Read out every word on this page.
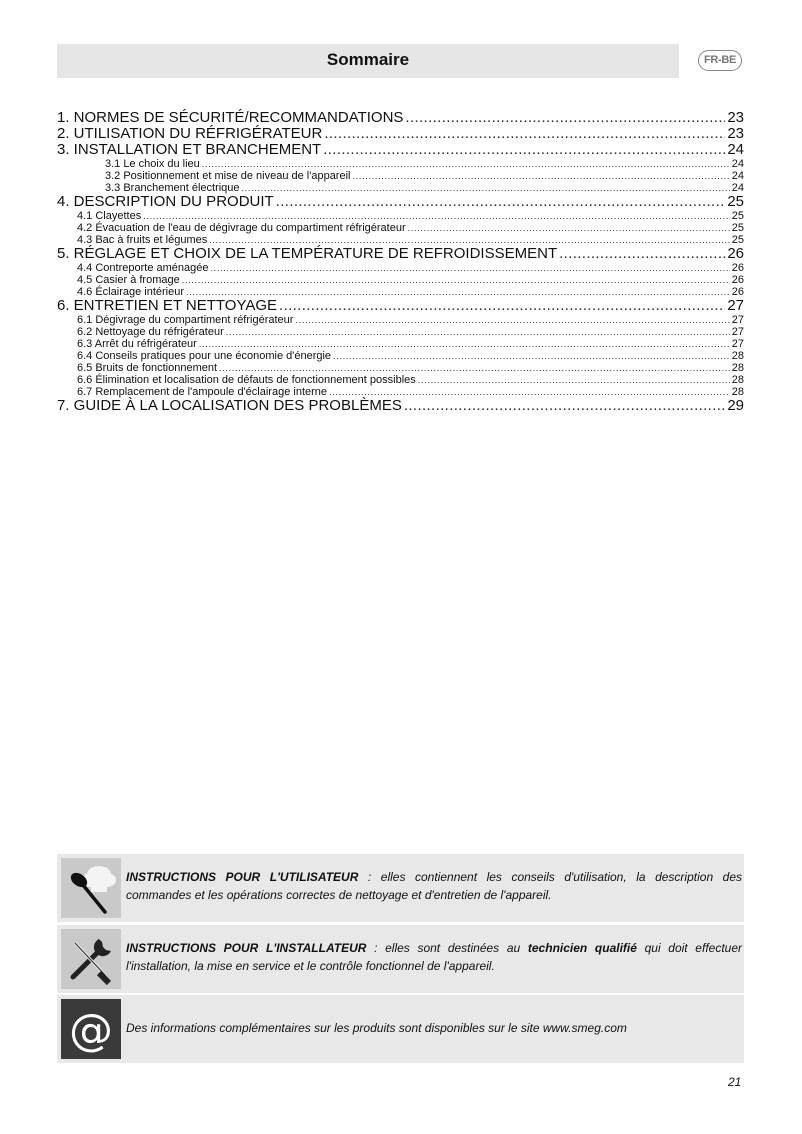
Sommaire	FR-BE
1. NORMES DE SÉCURITÉ/RECOMMANDATIONS . . .	23
2. UTILISATION DU RÉFRIGÉRATEUR . . .	23
3. INSTALLATION ET BRANCHEMENT . . .	24
3.1 Le choix du lieu . . .	24
3.2 Positionnement et mise de niveau de l'appareil . . .	24
3.3 Branchement électrique . . .	24
4. DESCRIPTION DU PRODUIT . . .	25
4.1 Clayettes . . .	25
4.2 Évacuation de l'eau de dégivrage du compartiment réfrigérateur . . .	25
4.3 Bac à fruits et légumes . . .	25
5. RÉGLAGE ET CHOIX DE LA TEMPÉRATURE DE REFROIDISSEMENT . . .	26
4.4 Contreporte aménagée . . .	26
4.5 Casier à fromage . . .	26
4.6 Éclairage intérieur . . .	26
6. ENTRETIEN ET NETTOYAGE . . .	27
6.1 Dégivrage du compartiment réfrigérateur . . .	27
6.2 Nettoyage du réfrigérateur . . .	27
6.3 Arrêt du réfrigérateur . . .	27
6.4 Conseils pratiques pour une économie d'énergie . . .	28
6.5 Bruits de fonctionnement . . .	28
6.6 Élimination et localisation de défauts de fonctionnement possibles . . .	28
6.7 Remplacement de l'ampoule d'éclairage interne . . .	28
7. GUIDE À LA LOCALISATION DES PROBLÈMES . . .	29
INSTRUCTIONS POUR L'UTILISATEUR : elles contiennent les conseils d'utilisation, la description des commandes et les opérations correctes de nettoyage et d'entretien de l'appareil.
INSTRUCTIONS POUR L'INSTALLATEUR : elles sont destinées au technicien qualifié qui doit effectuer l'installation, la mise en service et le contrôle fonctionnel de l'appareil.
@ Des informations complémentaires sur les produits sont disponibles sur le site www.smeg.com
21
